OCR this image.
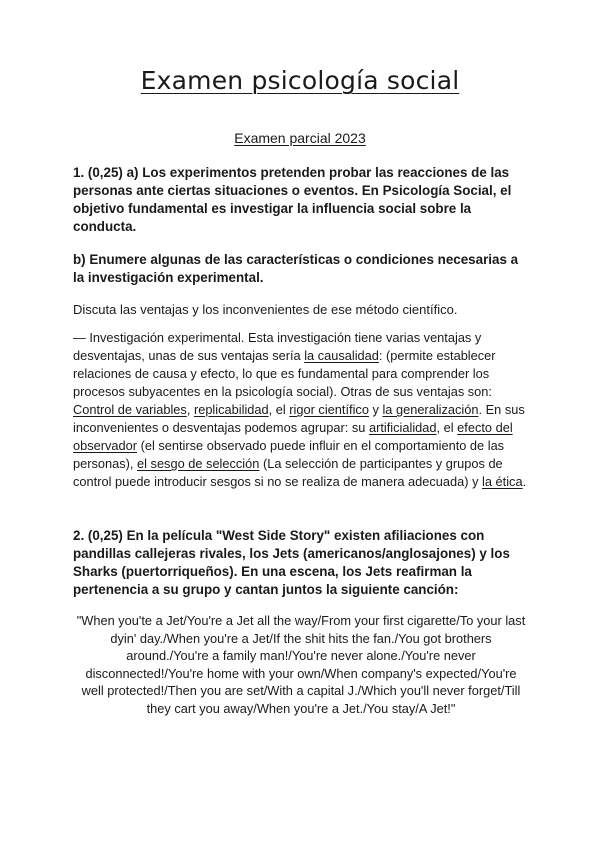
Examen psicología social
Examen parcial 2023
1. (0,25) a) Los experimentos pretenden probar las reacciones de las personas ante ciertas situaciones o eventos. En Psicología Social, el objetivo fundamental es investigar la influencia social sobre la conducta.
b) Enumere algunas de las características o condiciones necesarias a la investigación experimental.
Discuta las ventajas y los inconvenientes de ese método científico.
— Investigación experimental. Esta investigación tiene varias ventajas y desventajas, unas de sus ventajas sería la causalidad: (permite establecer relaciones de causa y efecto, lo que es fundamental para comprender los procesos subyacentes en la psicología social). Otras de sus ventajas son: Control de variables, replicabilidad, el rigor científico y la generalización. En sus inconvenientes o desventajas podemos agrupar: su artificialidad, el efecto del observador (el sentirse observado puede influir en el comportamiento de las personas), el sesgo de selección (La selección de participantes y grupos de control puede introducir sesgos si no se realiza de manera adecuada) y la ética.
2. (0,25) En la película "West Side Story" existen afiliaciones con pandillas callejeras rivales, los Jets (americanos/anglosajones) y los Sharks (puertorriqueños). En una escena, los Jets reafirman la pertenencia a su grupo y cantan juntos la siguiente canción:
"When you'te a Jet/You're a Jet all the way/From your first cigarette/To your last dyin' day./When you're a Jet/If the shit hits the fan./You got brothers around./You're a family man!/You're never alone./You're never disconnected!/You're home with your own/When company's expected/You're well protected!/Then you are set/With a capital J./Which you'll never forget/Till they cart you away/When you're a Jet./You stay/A Jet!"
